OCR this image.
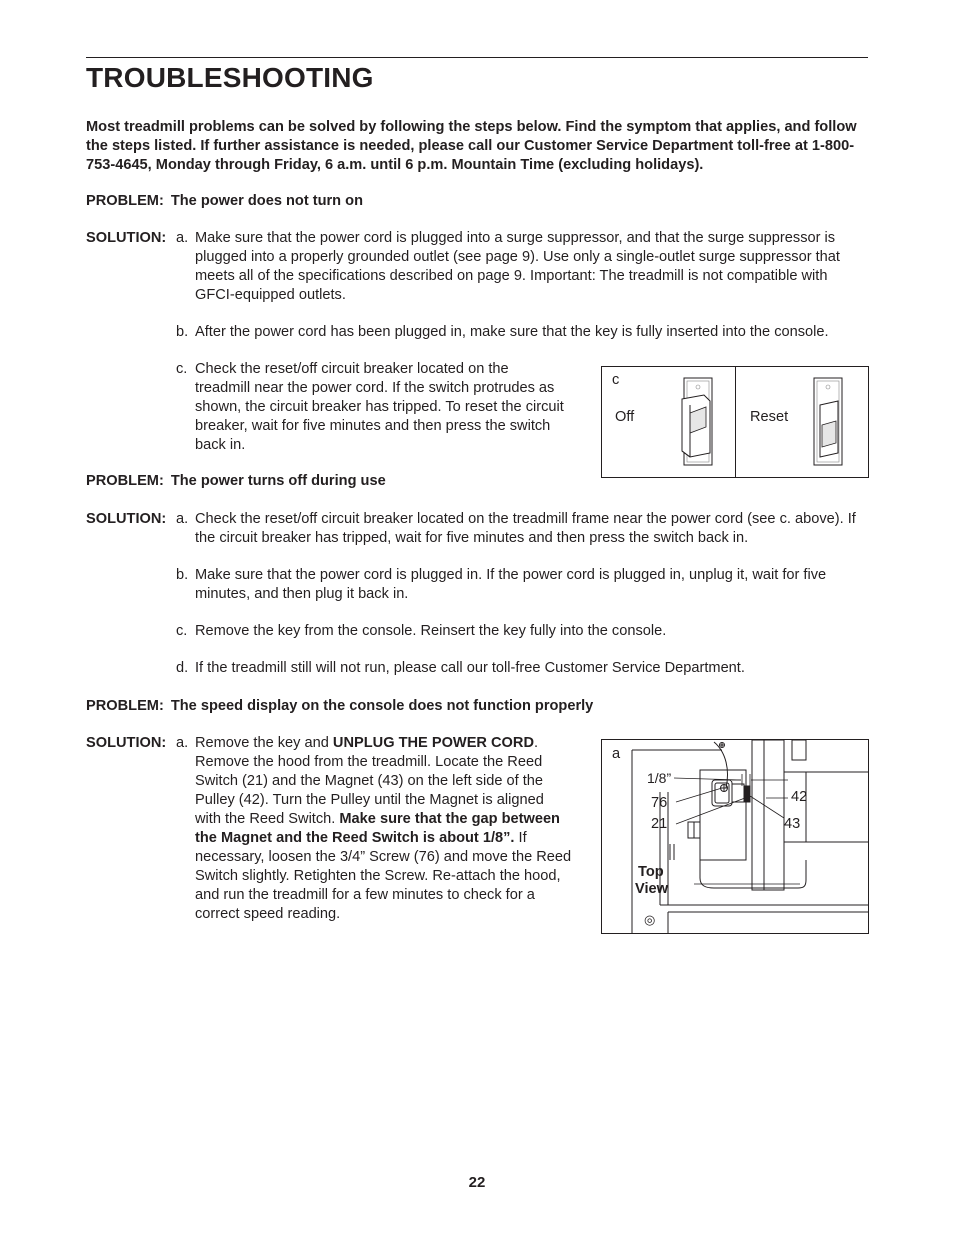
TROUBLESHOOTING
Most treadmill problems can be solved by following the steps below. Find the symptom that applies, and follow the steps listed. If further assistance is needed, please call our Customer Service Department toll-free at 1-800-753-4645, Monday through Friday, 6 a.m. until 6 p.m. Mountain Time (excluding holidays).
PROBLEM: The power does not turn on
SOLUTION: a. Make sure that the power cord is plugged into a surge suppressor, and that the surge suppressor is plugged into a properly grounded outlet (see page 9). Use only a single-outlet surge suppressor that meets all of the specifications described on page 9. Important: The treadmill is not compatible with GFCI-equipped outlets.
b. After the power cord has been plugged in, make sure that the key is fully inserted into the console.
c. Check the reset/off circuit breaker located on the treadmill near the power cord. If the switch protrudes as shown, the circuit breaker has tripped. To reset the circuit breaker, wait for five minutes and then press the switch back in.
c
Off	Reset
PROBLEM: The power turns off during use
SOLUTION: a. Check the reset/off circuit breaker located on the treadmill frame near the power cord (see c. above). If the circuit breaker has tripped, wait for five minutes and then press the switch back in.
b. Make sure that the power cord is plugged in. If the power cord is plugged in, unplug it, wait for five minutes, and then plug it back in.
c. Remove the key from the console. Reinsert the key fully into the console.
d. If the treadmill still will not run, please call our toll-free Customer Service Department.
PROBLEM: The speed display on the console does not function properly
SOLUTION: a. Remove the key and UNPLUG THE POWER CORD. Remove the hood from the treadmill. Locate the Reed Switch (21) and the Magnet (43) on the left side of the Pulley (42). Turn the Pulley until the Magnet is aligned with the Reed Switch. Make sure that the gap between the Magnet and the Reed Switch is about 1/8”. If necessary, loosen the 3/4” Screw (76) and move the Reed Switch slightly. Retighten the Screw. Re-attach the hood, and run the treadmill for a few minutes to check for a correct speed reading.
a
1/8”
76
21
42
43
Top
View
◎
22
